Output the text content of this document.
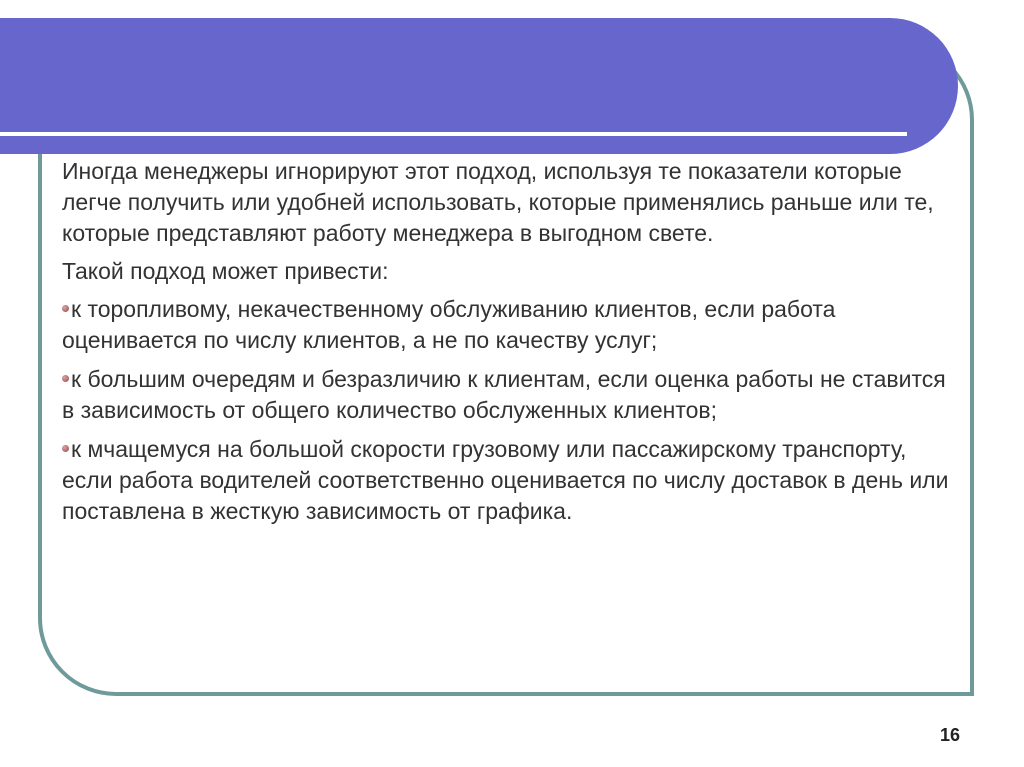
Иногда менеджеры игнорируют этот подход, используя те показатели которые легче получить или удобней использовать, которые применялись раньше или те, которые представляют работу менеджера в выгодном свете.

Такой подход может привести:

к торопливому, некачественному обслуживанию клиентов, если работа оценивается по числу клиентов, а не по качеству услуг;

к большим очередям и безразличию к клиентам, если оценка работы не ставится в зависимость от общего количество обслуженных клиентов;

к мчащемуся на большой скорости грузовому или пассажирскому транспорту, если работа водителей соответственно оценивается по числу доставок в день или поставлена в жесткую зависимость от графика.

16
